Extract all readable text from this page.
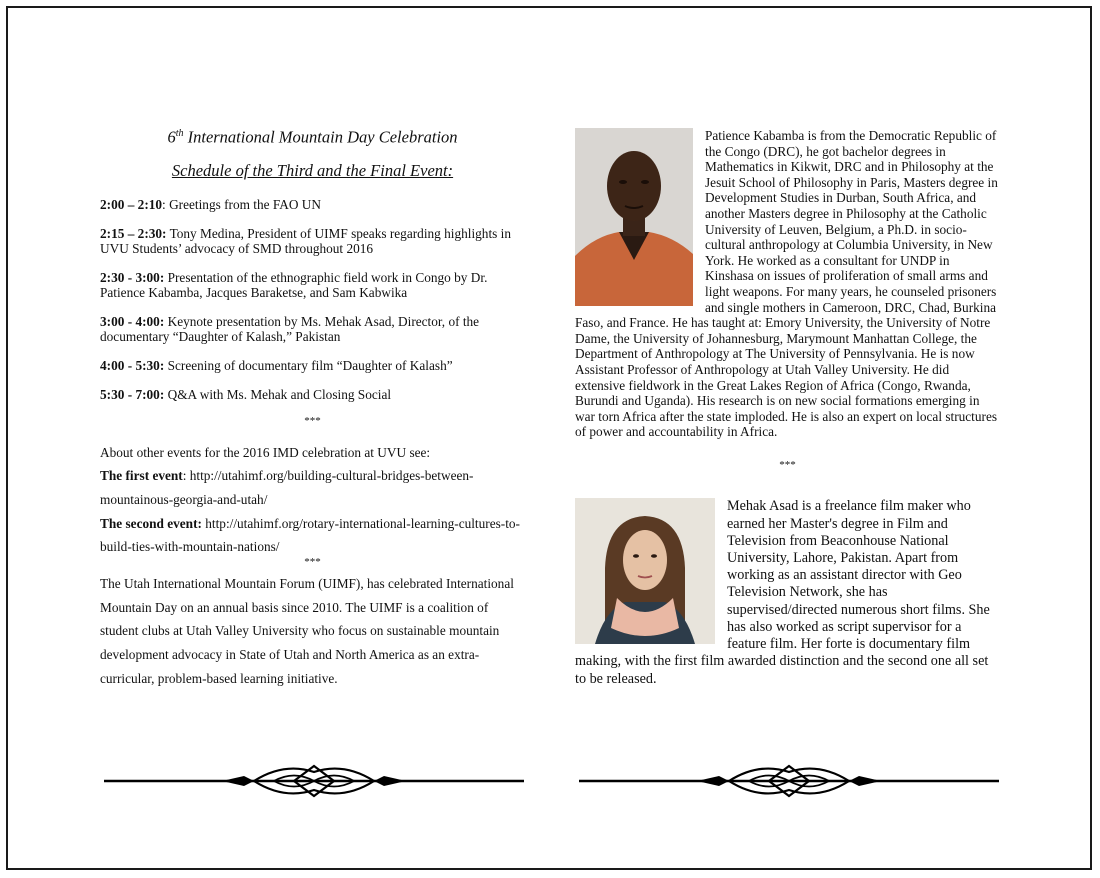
6th International Mountain Day Celebration
Schedule of the Third and the Final Event:
2:00 – 2:10: Greetings from the FAO UN
2:15 – 2:30: Tony Medina, President of UIMF speaks regarding highlights in UVU Students’ advocacy of SMD throughout 2016
2:30 - 3:00: Presentation of the ethnographic field work in Congo by Dr. Patience Kabamba, Jacques Baraketse, and Sam Kabwika
3:00 - 4:00: Keynote presentation by Ms. Mehak Asad, Director, of the documentary “Daughter of Kalash,” Pakistan
4:00 - 5:30: Screening of documentary film “Daughter of Kalash”
5:30 - 7:00: Q&A with Ms. Mehak and Closing Social
***

About other events for the 2016 IMD celebration at UVU see:

The first event: http://utahimf.org/building-cultural-bridges-between-mountainous-georgia-and-utah/

The second event: http://utahimf.org/rotary-international-learning-cultures-to-build-ties-with-mountain-nations/

***

The Utah International Mountain Forum (UIMF), has celebrated International Mountain Day on an annual basis since 2010. The UIMF is a coalition of student clubs at Utah Valley University who focus on sustainable mountain development advocacy in State of Utah and North America as an extra-curricular, problem-based learning initiative.

Patience Kabamba is from the Democratic Republic of the Congo (DRC), he got bachelor degrees in Mathematics in Kikwit, DRC and in Philosophy at the Jesuit School of Philosophy in Paris, Masters degree in Development Studies in Durban, South Africa, and another Masters degree in Philosophy at the Catholic University of Leuven, Belgium, a Ph.D. in socio-cultural anthropology at Columbia University, in New York. He worked as a consultant for UNDP in Kinshasa on issues of proliferation of small arms and light weapons. For many years, he counseled prisoners and single mothers in Cameroon, DRC, Chad, Burkina Faso, and France. He has taught at: Emory University, the University of Notre Dame, the University of Johannesburg, Marymount Manhattan College, the Department of Anthropology at The University of Pennsylvania. He is now Assistant Professor of Anthropology at Utah Valley University. He did extensive fieldwork in the Great Lakes Region of Africa (Congo, Rwanda, Burundi and Uganda). His research is on new social formations emerging in war torn Africa after the state imploded. He is also an expert on local structures of power and accountability in Africa.
***
Mehak Asad is a freelance film maker who earned her Master's degree in Film and Television from Beaconhouse National University, Lahore, Pakistan. Apart from working as an assistant director with Geo Television Network, she has supervised/directed numerous short films. She has also worked as script supervisor for a feature film. Her forte is documentary film making, with the first film awarded distinction and the second one all set to be released.
